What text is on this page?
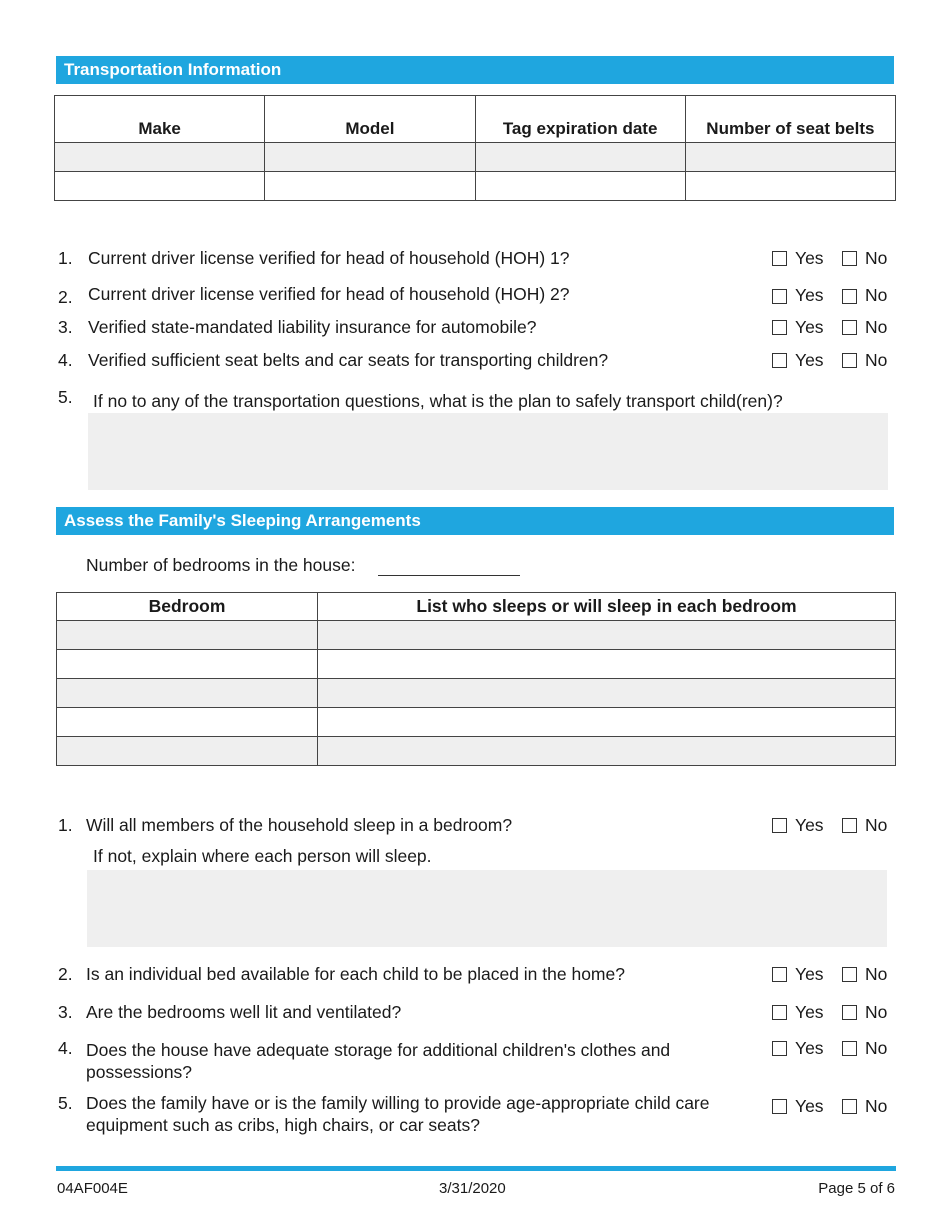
Transportation Information
Make	Model	Tag expiration date	Number of seat belts

1. Current driver license verified for head of household (HOH) 1?	Yes No
2. Current driver license verified for head of household (HOH) 2?	Yes No
3. Verified state-mandated liability insurance for automobile?	Yes No
4. Verified sufficient seat belts and car seats for transporting children?	Yes No
5. If no to any of the transportation questions, what is the plan to safely transport child(ren)?
Assess the Family's Sleeping Arrangements
Number of bedrooms in the house:
Bedroom	List who sleeps or will sleep in each bedroom

1. Will all members of the household sleep in a bedroom?	Yes No
If not, explain where each person will sleep.
2. Is an individual bed available for each child to be placed in the home?	Yes No
3. Are the bedrooms well lit and ventilated?	Yes No
4. Does the house have adequate storage for additional children's clothes and possessions?
Yes No
5. Does the family have or is the family willing to provide age-appropriate child care equipment such as cribs, high chairs, or car seats?
Yes No
04AF004E	3/31/2020	Page 5 of 6
